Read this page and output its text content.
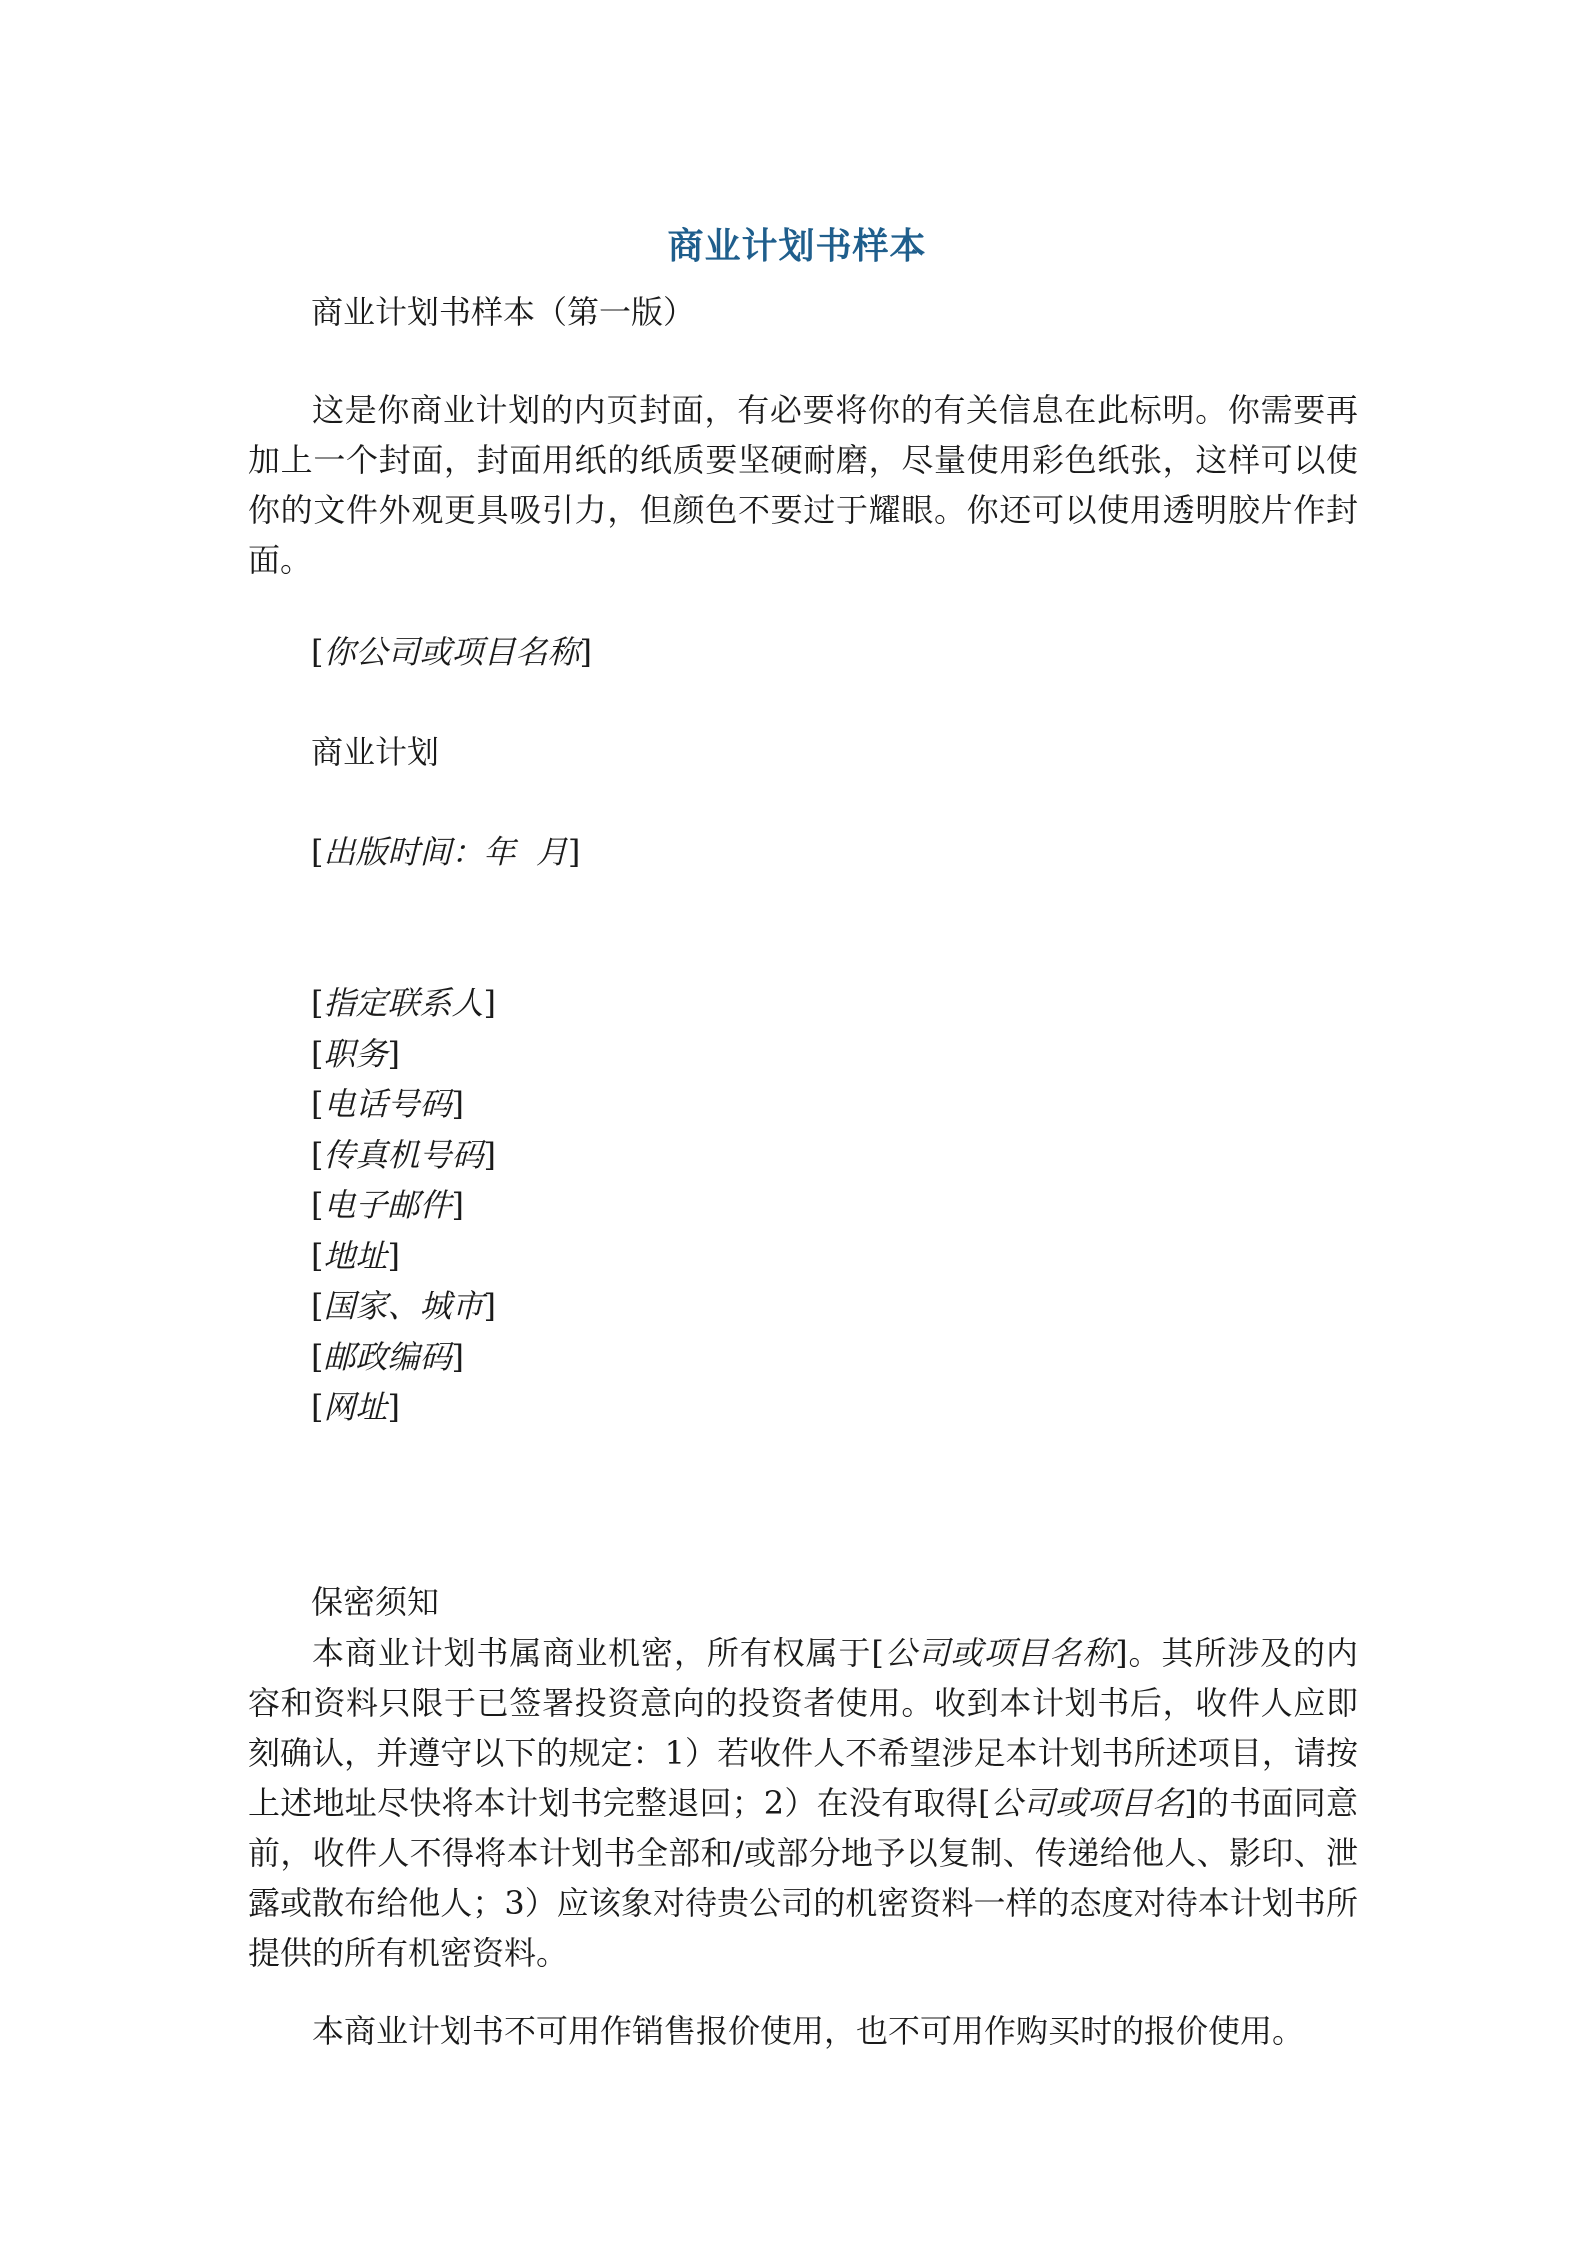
商业计划书样本
商业计划书样本（第一版）
这是你商业计划的内页封面，有必要将你的有关信息在此标明。你需要再加上一个封面，封面用纸的纸质要坚硬耐磨，尽量使用彩色纸张，这样可以使你的文件外观更具吸引力，但颜色不要过于耀眼。你还可以使用透明胶片作封面。
[你公司或项目名称]
商业计划
[出版时间：年  月]
[指定联系人]
[职务]
[电话号码]
[传真机号码]
[电子邮件]
[地址]
[国家、城市]
[邮政编码]
[网址]
保密须知
本商业计划书属商业机密，所有权属于[公司或项目名称]。其所涉及的内容和资料只限于已签署投资意向的投资者使用。收到本计划书后，收件人应即刻确认，并遵守以下的规定：1）若收件人不希望涉足本计划书所述项目，请按上述地址尽快将本计划书完整退回；2）在没有取得[公司或项目名]的书面同意前，收件人不得将本计划书全部和/或部分地予以复制、传递给他人、影印、泄露或散布给他人；3）应该象对待贵公司的机密资料一样的态度对待本计划书所提供的所有机密资料。
本商业计划书不可用作销售报价使用，也不可用作购买时的报价使用。
